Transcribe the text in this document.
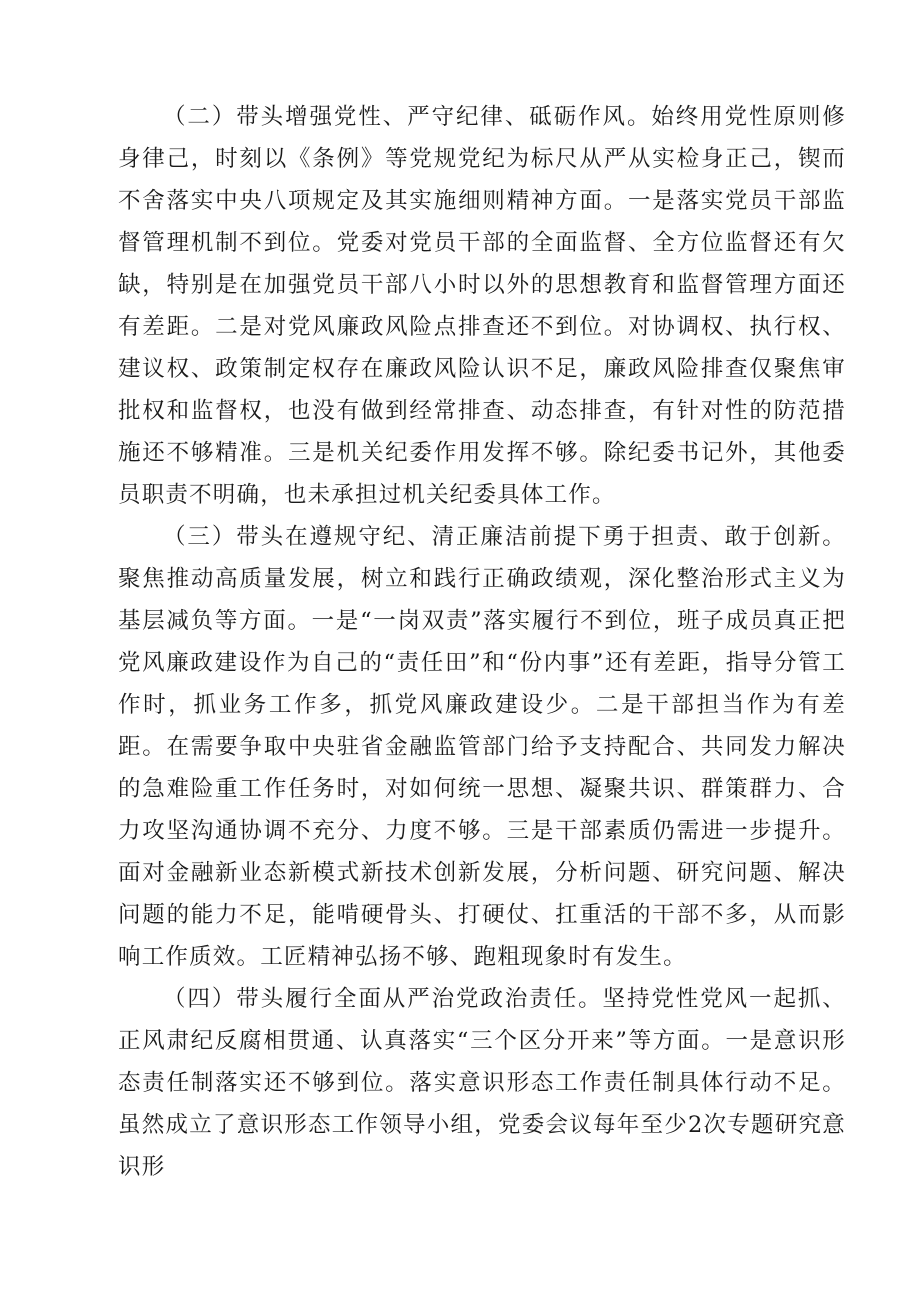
（二）带头增强党性、严守纪律、砥砺作风。始终用党性原则修身律己，时刻以《条例》等党规党纪为标尺从严从实检身正己，锲而不舍落实中央八项规定及其实施细则精神方面。一是落实党员干部监督管理机制不到位。党委对党员干部的全面监督、全方位监督还有欠缺，特别是在加强党员干部八小时以外的思想教育和监督管理方面还有差距。二是对党风廉政风险点排查还不到位。对协调权、执行权、建议权、政策制定权存在廉政风险认识不足，廉政风险排查仅聚焦审批权和监督权，也没有做到经常排查、动态排查，有针对性的防范措施还不够精准。三是机关纪委作用发挥不够。除纪委书记外，其他委员职责不明确，也未承担过机关纪委具体工作。

（三）带头在遵规守纪、清正廉洁前提下勇于担责、敢于创新。聚焦推动高质量发展，树立和践行正确政绩观，深化整治形式主义为基层减负等方面。一是“一岗双责”落实履行不到位，班子成员真正把党风廉政建设作为自己的“责任田”和“份内事”还有差距，指导分管工作时，抓业务工作多，抓党风廉政建设少。二是干部担当作为有差距。在需要争取中央驻省金融监管部门给予支持配合、共同发力解决的急难险重工作任务时，对如何统一思想、凝聚共识、群策群力、合力攻坚沟通协调不充分、力度不够。三是干部素质仍需进一步提升。面对金融新业态新模式新技术创新发展，分析问题、研究问题、解决问题的能力不足，能啃硬骨头、打硬仗、扛重活的干部不多，从而影响工作质效。工匠精神弘扬不够、跑粗现象时有发生。

（四）带头履行全面从严治党政治责任。坚持党性党风一起抓、正风肃纪反腐相贯通、认真落实“三个区分开来”等方面。一是意识形态责任制落实还不够到位。落实意识形态工作责任制具体行动不足。虽然成立了意识形态工作领导小组，党委会议每年至少2次专题研究意识形
